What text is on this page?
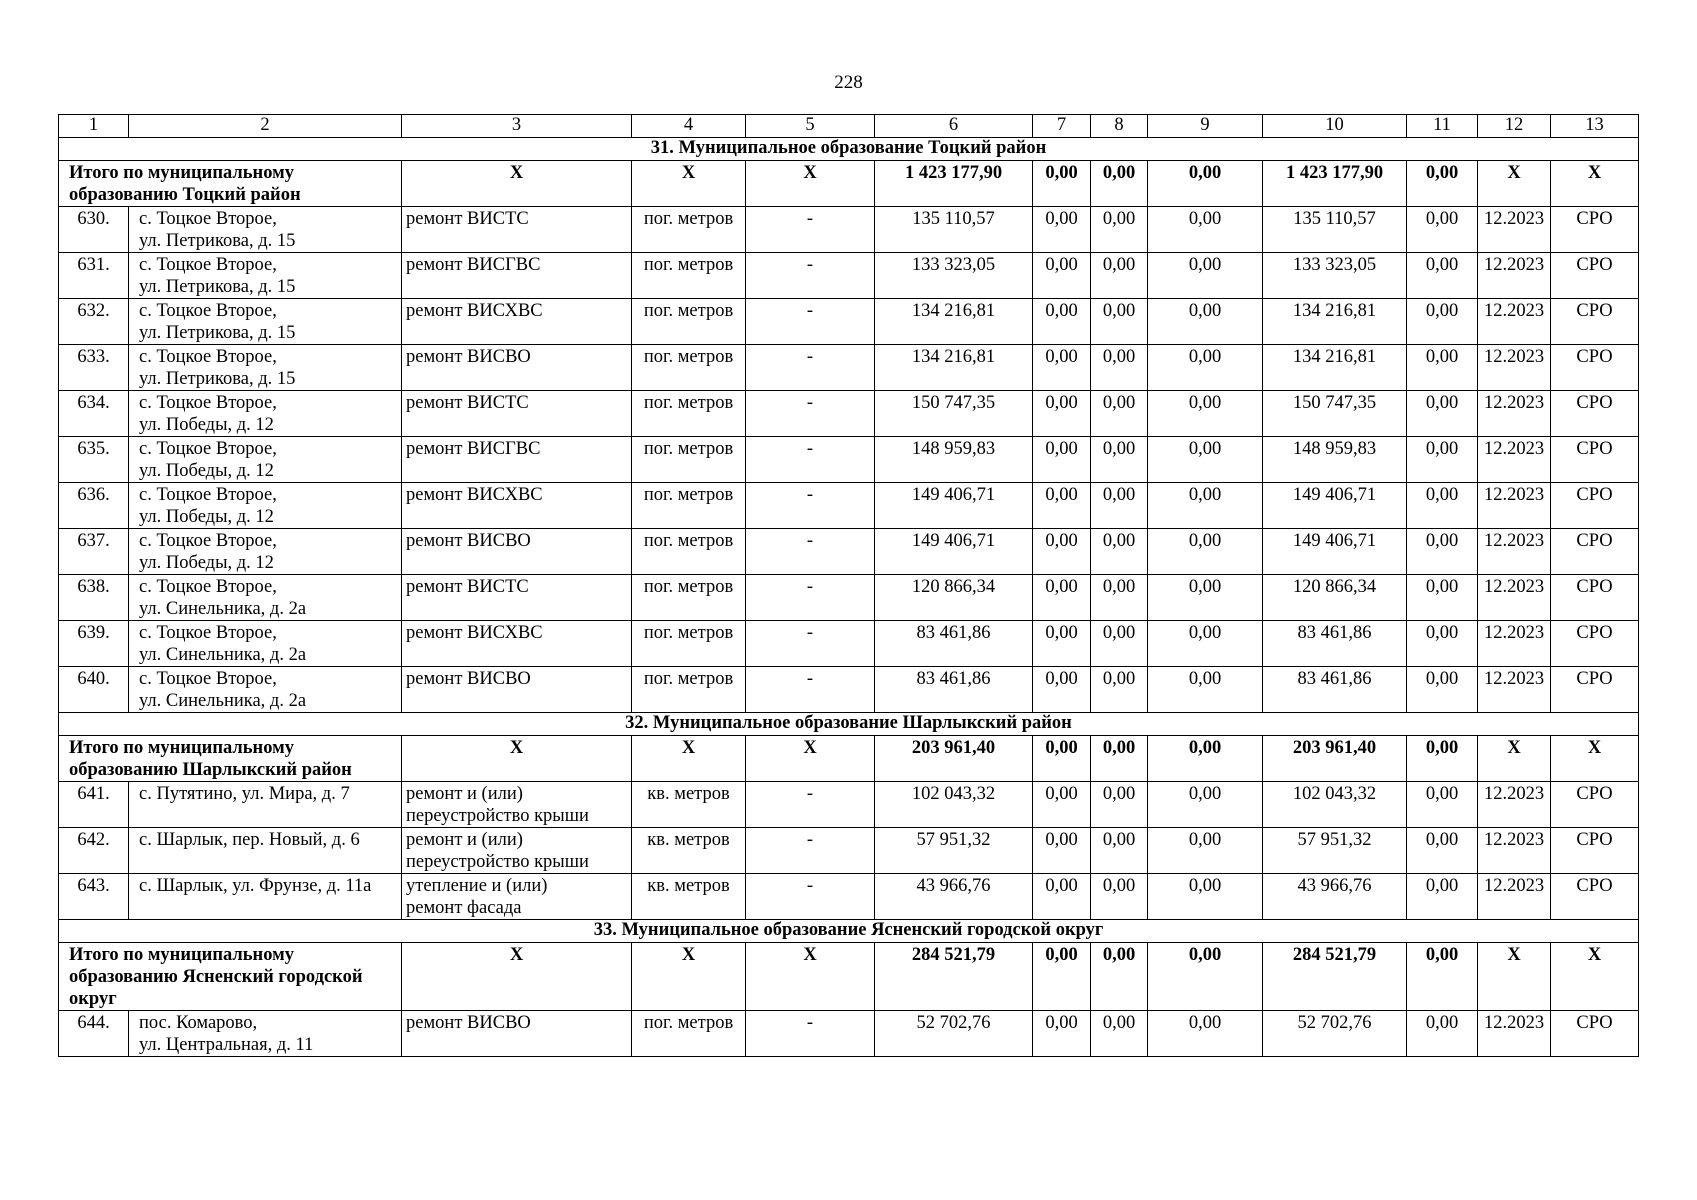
228
1	2	3	4	5	6	7	8	9	10	11	12	13
31. Муниципальное образование Тоцкий район												

Итого по муниципальному
образованию Тоцкий район		X	X	X	1 423 177,90	0,00	0,00	0,00	1 423 177,90	0,00	X	X
630.	с. Тоцкое Второе,
ул. Петрикова, д. 15	ремонт ВИСТС	пог. метров	-	135 110,57	0,00	0,00	0,00	135 110,57	0,00	12.2023	СРО
631.	с. Тоцкое Второе,
ул. Петрикова, д. 15	ремонт ВИСГВС	пог. метров	-	133 323,05	0,00	0,00	0,00	133 323,05	0,00	12.2023	СРО
632.	с. Тоцкое Второе,
ул. Петрикова, д. 15	ремонт ВИСХВС	пог. метров	-	134 216,81	0,00	0,00	0,00	134 216,81	0,00	12.2023	СРО
633.	с. Тоцкое Второе,
ул. Петрикова, д. 15	ремонт ВИСВО	пог. метров	-	134 216,81	0,00	0,00	0,00	134 216,81	0,00	12.2023	СРО
634.	с. Тоцкое Второе,
ул. Победы, д. 12	ремонт ВИСТС	пог. метров	-	150 747,35	0,00	0,00	0,00	150 747,35	0,00	12.2023	СРО
635.	с. Тоцкое Второе,
ул. Победы, д. 12	ремонт ВИСГВС	пог. метров	-	148 959,83	0,00	0,00	0,00	148 959,83	0,00	12.2023	СРО
636.	с. Тоцкое Второе,
ул. Победы, д. 12	ремонт ВИСХВС	пог. метров	-	149 406,71	0,00	0,00	0,00	149 406,71	0,00	12.2023	СРО
637.	с. Тоцкое Второе,
ул. Победы, д. 12	ремонт ВИСВО	пог. метров	-	149 406,71	0,00	0,00	0,00	149 406,71	0,00	12.2023	СРО
638.	с. Тоцкое Второе,
ул. Синельника, д. 2а	ремонт ВИСТС	пог. метров	-	120 866,34	0,00	0,00	0,00	120 866,34	0,00	12.2023	СРО
639.	с. Тоцкое Второе,
ул. Синельника, д. 2а	ремонт ВИСХВС	пог. метров	-	83 461,86	0,00	0,00	0,00	83 461,86	0,00	12.2023	СРО
640.	с. Тоцкое Второе,
ул. Синельника, д. 2а	ремонт ВИСВО	пог. метров	-	83 461,86	0,00	0,00	0,00	83 461,86	0,00	12.2023	СРО
32. Муниципальное образование Шарлыкский район												

Итого по муниципальному
образованию Шарлыкский район		X	X	X	203 961,40	0,00	0,00	0,00	203 961,40	0,00	X	X
641.	с. Путятино, ул. Мира, д. 7	ремонт и (или)
переустройство крыши	кв. метров	-	102 043,32	0,00	0,00	0,00	102 043,32	0,00	12.2023	СРО
642.	с. Шарлык, пер. Новый, д. 6	ремонт и (или)
переустройство крыши	кв. метров	-	57 951,32	0,00	0,00	0,00	57 951,32	0,00	12.2023	СРО
643.	с. Шарлык, ул. Фрунзе, д. 11а	утепление и (или)
ремонт фасада	кв. метров	-	43 966,76	0,00	0,00	0,00	43 966,76	0,00	12.2023	СРО
33. Муниципальное образование Ясненский городской округ												

Итого по муниципальному
образованию Ясненский городской
округ		X	X	X	284 521,79	0,00	0,00	0,00	284 521,79	0,00	X	X
644.	пос. Комарово,
ул. Центральная, д. 11	ремонт ВИСВО	пог. метров	-	52 702,76	0,00	0,00	0,00	52 702,76	0,00	12.2023	СРО
